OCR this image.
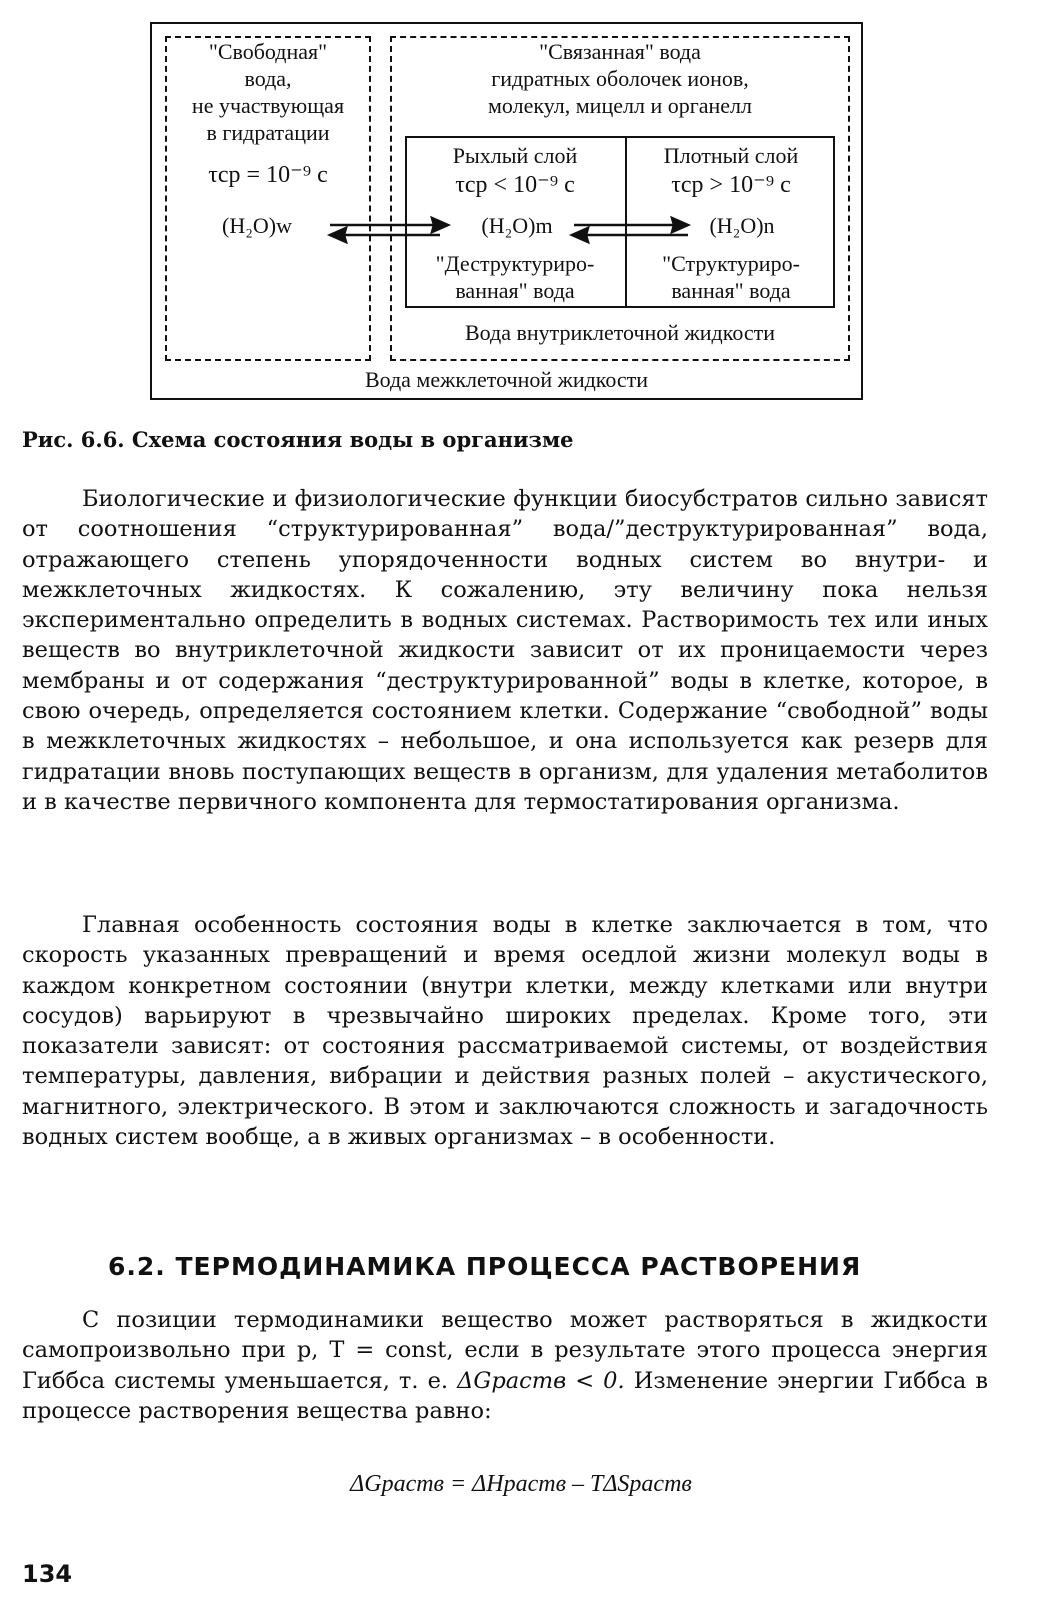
"Свободная"
вода,
не участвующая
в гидратации
τср = 10⁻⁹ с
(H₂O)w
"Связанная" вода
гидратных оболочек ионов,
молекул, мицелл и органелл
Рыхлый слой
τср < 10⁻⁹ с
(H₂O)m
"Деструктуриро-
ванная" вода
Плотный слой
τср > 10⁻⁹ с
(H₂O)n
"Структуриро-
ванная" вода
Вода внутриклеточной жидкости
Вода межклеточной жидкости
Рис. 6.6. Схема состояния воды в организме

Биологические и физиологические функции биосубстратов сильно зависят от соотношения “структурированная” вода/”деструктурированная” вода, отражающего степень упорядоченности водных систем во внутри- и межклеточных жидкостях. К сожалению, эту величину пока нельзя экспериментально определить в водных системах. Растворимость тех или иных веществ во внутриклеточной жидкости зависит от их проницаемости через мембраны и от содержания “деструктурированной” воды в клетке, которое, в свою очередь, определяется состоянием клетки. Содержание “свободной” воды в межклеточных жидкостях – небольшое, и она используется как резерв для гидратации вновь поступающих веществ в организм, для удаления метаболитов и в качестве первичного компонента для термостатирования организма.

Главная особенность состояния воды в клетке заключается в том, что скорость указанных превращений и время оседлой жизни молекул воды в каждом конкретном состоянии (внутри клетки, между клетками или внутри сосудов) варьируют в чрезвычайно широких пределах. Кроме того, эти показатели зависят: от состояния рассматриваемой системы, от воздействия температуры, давления, вибрации и действия разных полей – акустического, магнитного, электрического. В этом и заключаются сложность и загадочность водных систем вообще, а в живых организмах – в особенности.

6.2. ТЕРМОДИНАМИКА ПРОЦЕССА РАСТВОРЕНИЯ

С позиции термодинамики вещество может растворяться в жидкости самопроизвольно при p, T = const, если в результате этого процесса энергия Гиббса системы уменьшается, т. е. ΔGраств < 0. Изменение энергии Гиббса в процессе растворения вещества равно:

ΔGраств = ΔHраств – TΔSраств
134
